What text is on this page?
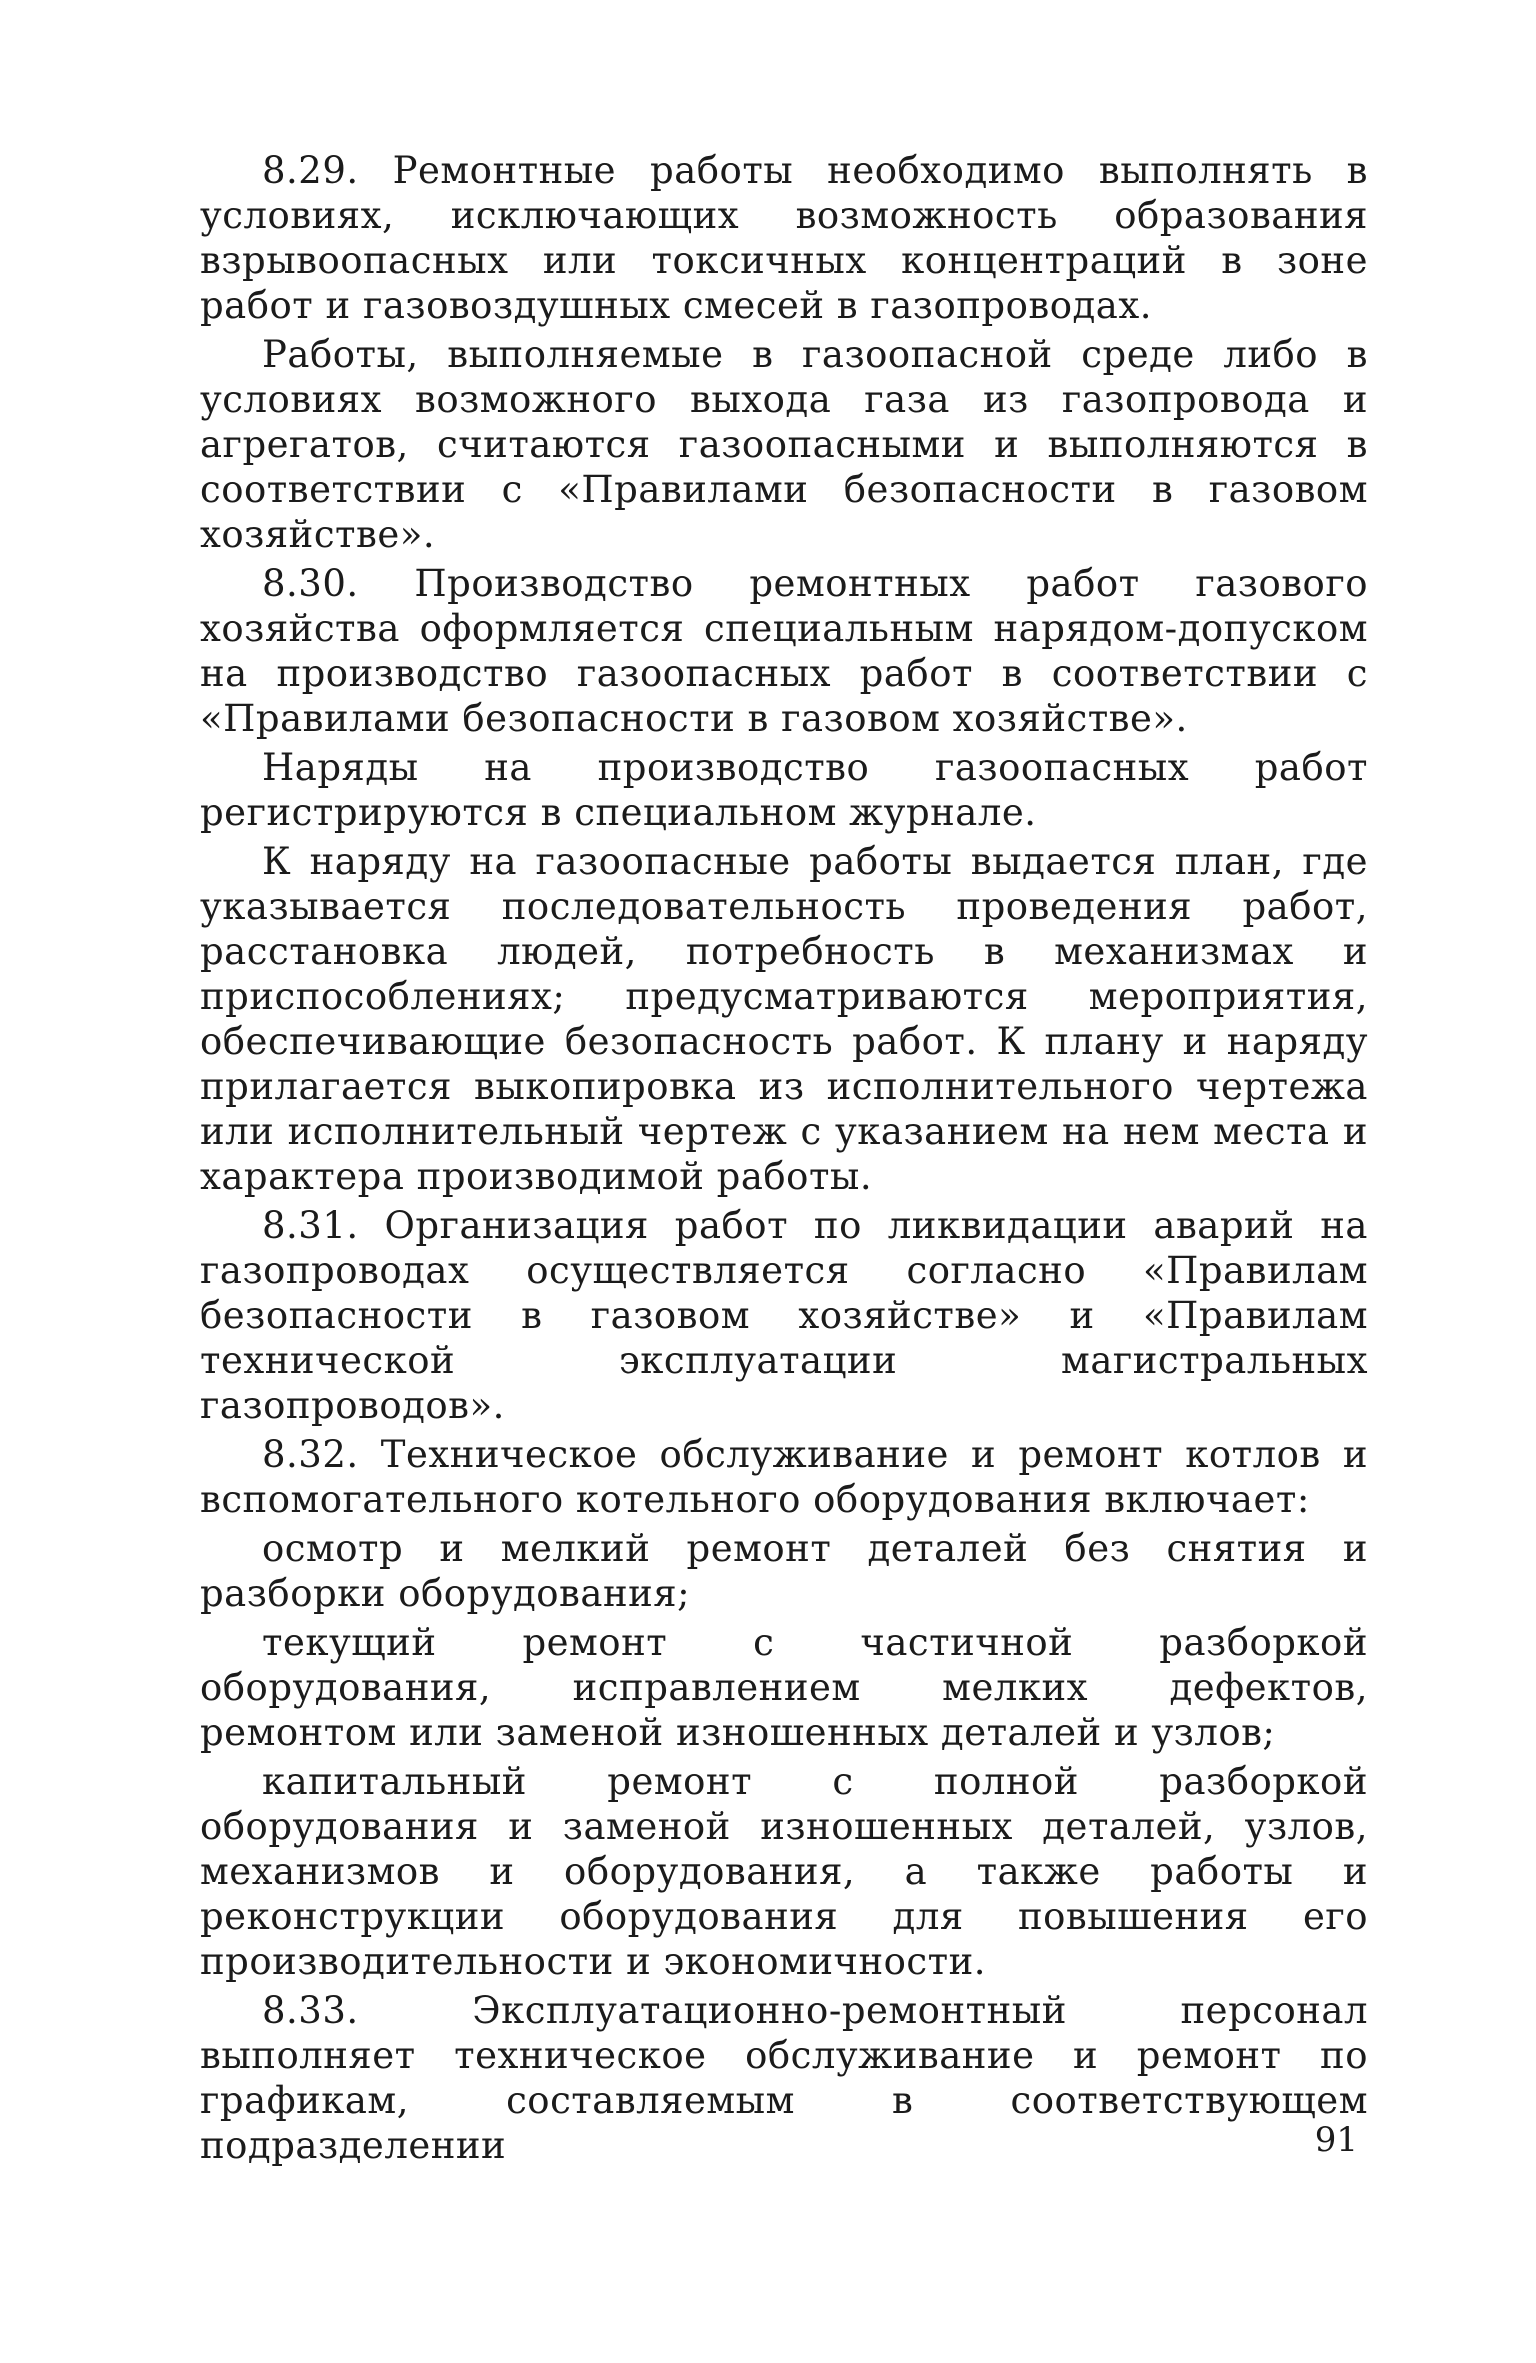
8.29. Ремонтные работы необходимо выполнять в условиях, исключающих возможность образования взрывоопасных или токсичных концентраций в зоне работ и газовоздушных смесей в газопроводах.

Работы, выполняемые в газоопасной среде либо в условиях возможного выхода газа из газопровода и агрегатов, считаются газоопасными и выполняются в соответствии с «Правилами безопасности в газовом хозяйстве».

8.30. Производство ремонтных работ газового хозяйства оформляется специальным нарядом-допуском на производство газоопасных работ в соответствии с «Правилами безопасности в газовом хозяйстве».

Наряды на производство газоопасных работ регистрируются в специальном журнале.

К наряду на газоопасные работы выдается план, где указывается последовательность проведения работ, расстановка людей, потребность в механизмах и приспособлениях; предусматриваются мероприятия, обеспечивающие безопасность работ. К плану и наряду прилагается выкопировка из исполнительного чертежа или исполнительный чертеж с указанием на нем места и характера производимой работы.

8.31. Организация работ по ликвидации аварий на газопроводах осуществляется согласно «Правилам безопасности в газовом хозяйстве» и «Правилам технической эксплуатации магистральных газопроводов».

8.32. Техническое обслуживание и ремонт котлов и вспомогательного котельного оборудования включает:

осмотр и мелкий ремонт деталей без снятия и разборки оборудования;

текущий ремонт с частичной разборкой оборудования, исправлением мелких дефектов, ремонтом или заменой изношенных деталей и узлов;

капитальный ремонт с полной разборкой оборудования и заменой изношенных деталей, узлов, механизмов и оборудования, а также работы и реконструкции оборудования для повышения его производительности и экономичности.

8.33. Эксплуатационно-ремонтный персонал выполняет техническое обслуживание и ремонт по графикам, составляемым в соответствующем подразделении	91
